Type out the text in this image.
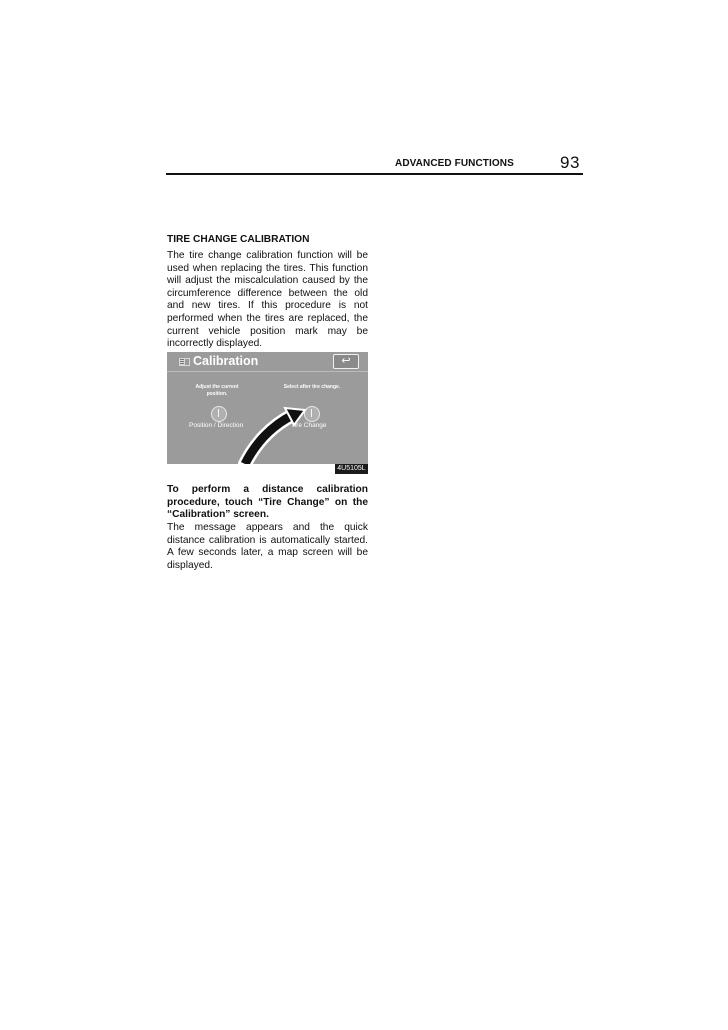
ADVANCED FUNCTIONS	93
TIRE CHANGE CALIBRATION
The tire change calibration function will be used when replacing the tires. This function will adjust the miscalculation caused by the circumference difference between the old and new tires. If this procedure is not performed when the tires are replaced, the current vehicle position mark may be incorrectly displayed.
Calibration	↩
Adjust the current position.
Select after tire change.
Position / Direction	Tire Change
4U5105L
To perform a distance calibration procedure, touch “Tire Change” on the “Calibration” screen.
The message appears and the quick distance calibration is automatically started. A few seconds later, a map screen will be displayed.
